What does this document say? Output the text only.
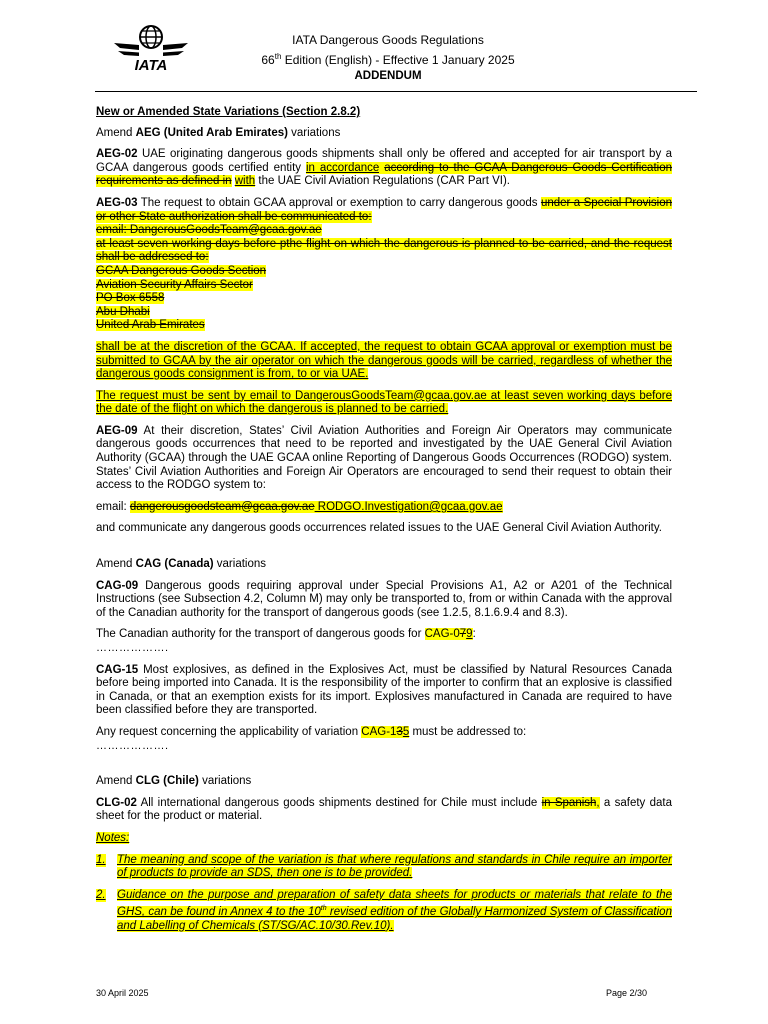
IATA
IATA Dangerous Goods Regulations
66th Edition (English) - Effective 1 January 2025
ADDENDUM

New or Amended State Variations (Section 2.8.2)

Amend AEG (United Arab Emirates) variations

AEG-02 UAE originating dangerous goods shipments shall only be offered and accepted for air transport by a GCAA dangerous goods certified entity in accordance according to the GCAA Dangerous Goods Certification requirements as defined in with the UAE Civil Aviation Regulations (CAR Part VI).

AEG-03 The request to obtain GCAA approval or exemption to carry dangerous goods under a Special Provision or other State authorization shall be communicated to:

email: DangerousGoodsTeam@gcaa.gov.ae
at least seven working days before pthe flight on which the dangerous is planned to be carried, and the request shall be addressed to:
GCAA Dangerous Goods Section
Aviation Security Affairs Sector
PO Box 6558
Abu Dhabi
United Arab Emirates

shall be at the discretion of the GCAA. If accepted, the request to obtain GCAA approval or exemption must be submitted to GCAA by the air operator on which the dangerous goods will be carried, regardless of whether the dangerous goods consignment is from, to or via UAE.

The request must be sent by email to DangerousGoodsTeam@gcaa.gov.ae at least seven working days before the date of the flight on which the dangerous is planned to be carried.

AEG-09 At their discretion, States’ Civil Aviation Authorities and Foreign Air Operators may communicate dangerous goods occurrences that need to be reported and investigated by the UAE General Civil Aviation Authority (GCAA) through the UAE GCAA online Reporting of Dangerous Goods Occurrences (RODGO) system. States’ Civil Aviation Authorities and Foreign Air Operators are encouraged to send their request to obtain their access to the RODGO system to:

email: dangerousgoodsteam@gcaa.gov.ae RODGO.Investigation@gcaa.gov.ae

and communicate any dangerous goods occurrences related issues to the UAE General Civil Aviation Authority.

Amend CAG (Canada) variations

CAG-09 Dangerous goods requiring approval under Special Provisions A1, A2 or A201 of the Technical Instructions (see Subsection 4.2, Column M) may only be transported to, from or within Canada with the approval of the Canadian authority for the transport of dangerous goods (see 1.2.5, 8.1.6.9.4 and 8.3).

The Canadian authority for the transport of dangerous goods for CAG-079:

……………….

CAG-15 Most explosives, as defined in the Explosives Act, must be classified by Natural Resources Canada before being imported into Canada. It is the responsibility of the importer to confirm that an explosive is classified in Canada, or that an exemption exists for its import. Explosives manufactured in Canada are required to have been classified before they are transported.

Any request concerning the applicability of variation CAG-135 must be addressed to:

……………….

Amend CLG (Chile) variations

CLG-02 All international dangerous goods shipments destined for Chile must include in Spanish, a safety data sheet for the product or material.

Notes:

1. The meaning and scope of the variation is that where regulations and standards in Chile require an importer of products to provide an SDS, then one is to be provided.
2. Guidance on the purpose and preparation of safety data sheets for products or materials that relate to the GHS, can be found in Annex 4 to the 10th revised edition of the Globally Harmonized System of Classification and Labelling of Chemicals (ST/SG/AC.10/30.Rev.10).
30 April 2025	Page 2/30
